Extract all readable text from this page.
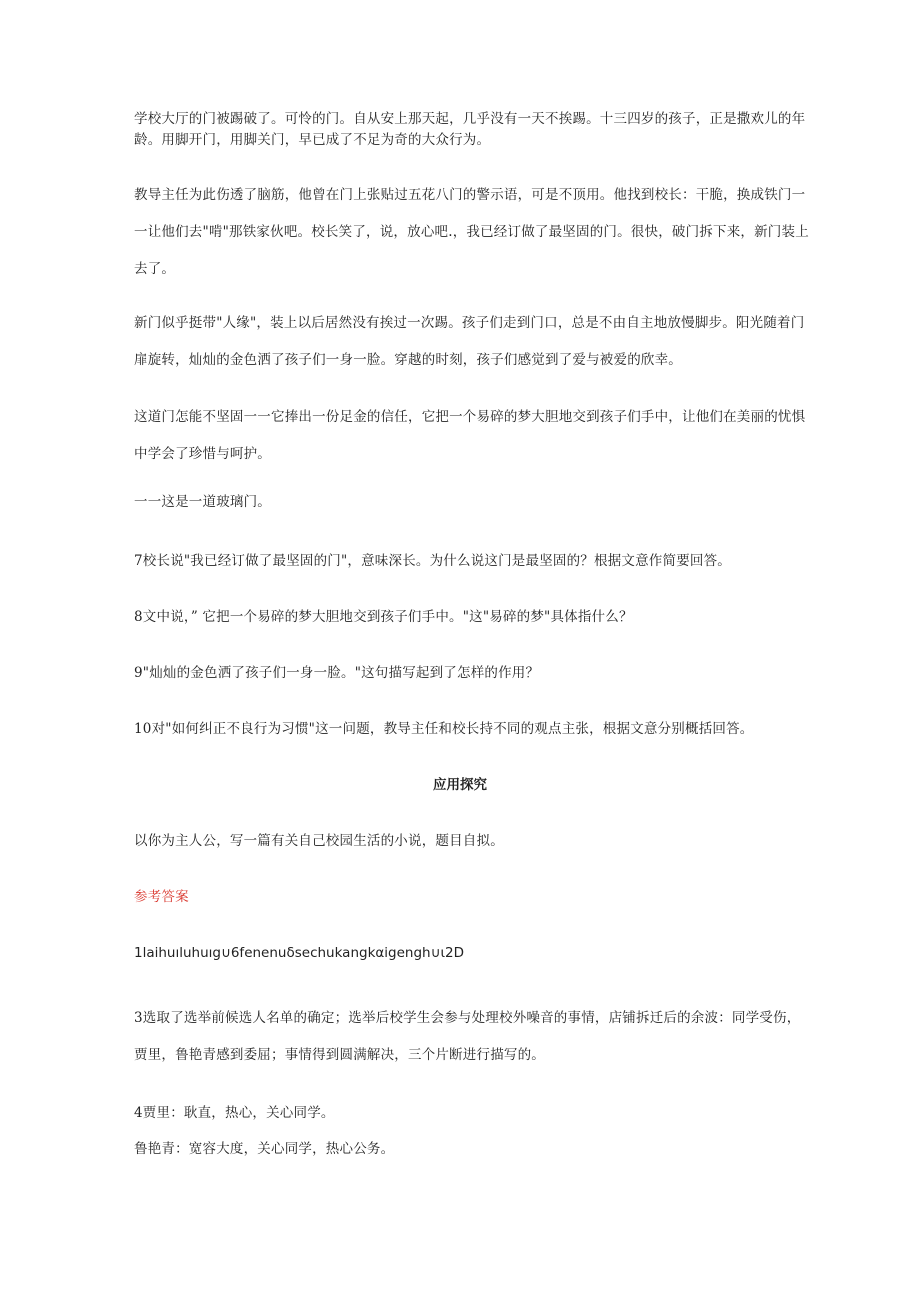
学校大厅的门被踢破了。可怜的门。自从安上那天起，几乎没有一天不挨踢。十三四岁的孩子，正是撒欢儿的年
龄。用脚开门，用脚关门，早已成了不足为奇的大众行为。

教导主任为此伤透了脑筋，他曾在门上张贴过五花八门的警示语，可是不顶用。他找到校长：干脆，换成铁门一
一让他们去"啃"那铁家伙吧。校长笑了，说，放心吧.，我已经订做了最坚固的门。很快，破门拆下来，新门装上
去了。

新门似乎挺带"人缘"，装上以后居然没有挨过一次踢。孩子们走到门口，总是不由自主地放慢脚步。阳光随着门
扉旋转，灿灿的金色洒了孩子们一身一脸。穿越的时刻，孩子们感觉到了爱与被爱的欣幸。

这道门怎能不坚固一一它捧出一份足金的信任，它把一个易碎的梦大胆地交到孩子们手中，让他们在美丽的忧惧
中学会了珍惜与呵护。

一一这是一道玻璃门。

7校长说"我已经订做了最坚固的门"，意味深长。为什么说这门是最坚固的？根据文意作简要回答。

8文中说，” 它把一个易碎的梦大胆地交到孩子们手中。"这"易碎的梦"具体指什么？

9"灿灿的金色洒了孩子们一身一脸。"这句描写起到了怎样的作用？

10对"如何纠正不良行为习惯"这一问题，教导主任和校长持不同的观点主张，根据文意分别概括回答。

应用探究

以你为主人公，写一篇有关自己校园生活的小说，题目自拟。

参考答案

1laihuıluhuıg∪6fenenuδsechukangkαigengh∪ι2D

3选取了选举前候选人名单的确定；选举后校学生会参与处理校外噪音的事情，店铺拆迁后的余波：同学受伤，
贾里，鲁艳青感到委屈；事情得到圆满解决，三个片断进行描写的。

4贾里：耿直，热心，关心同学。

鲁艳青：宽容大度，关心同学，热心公务。
